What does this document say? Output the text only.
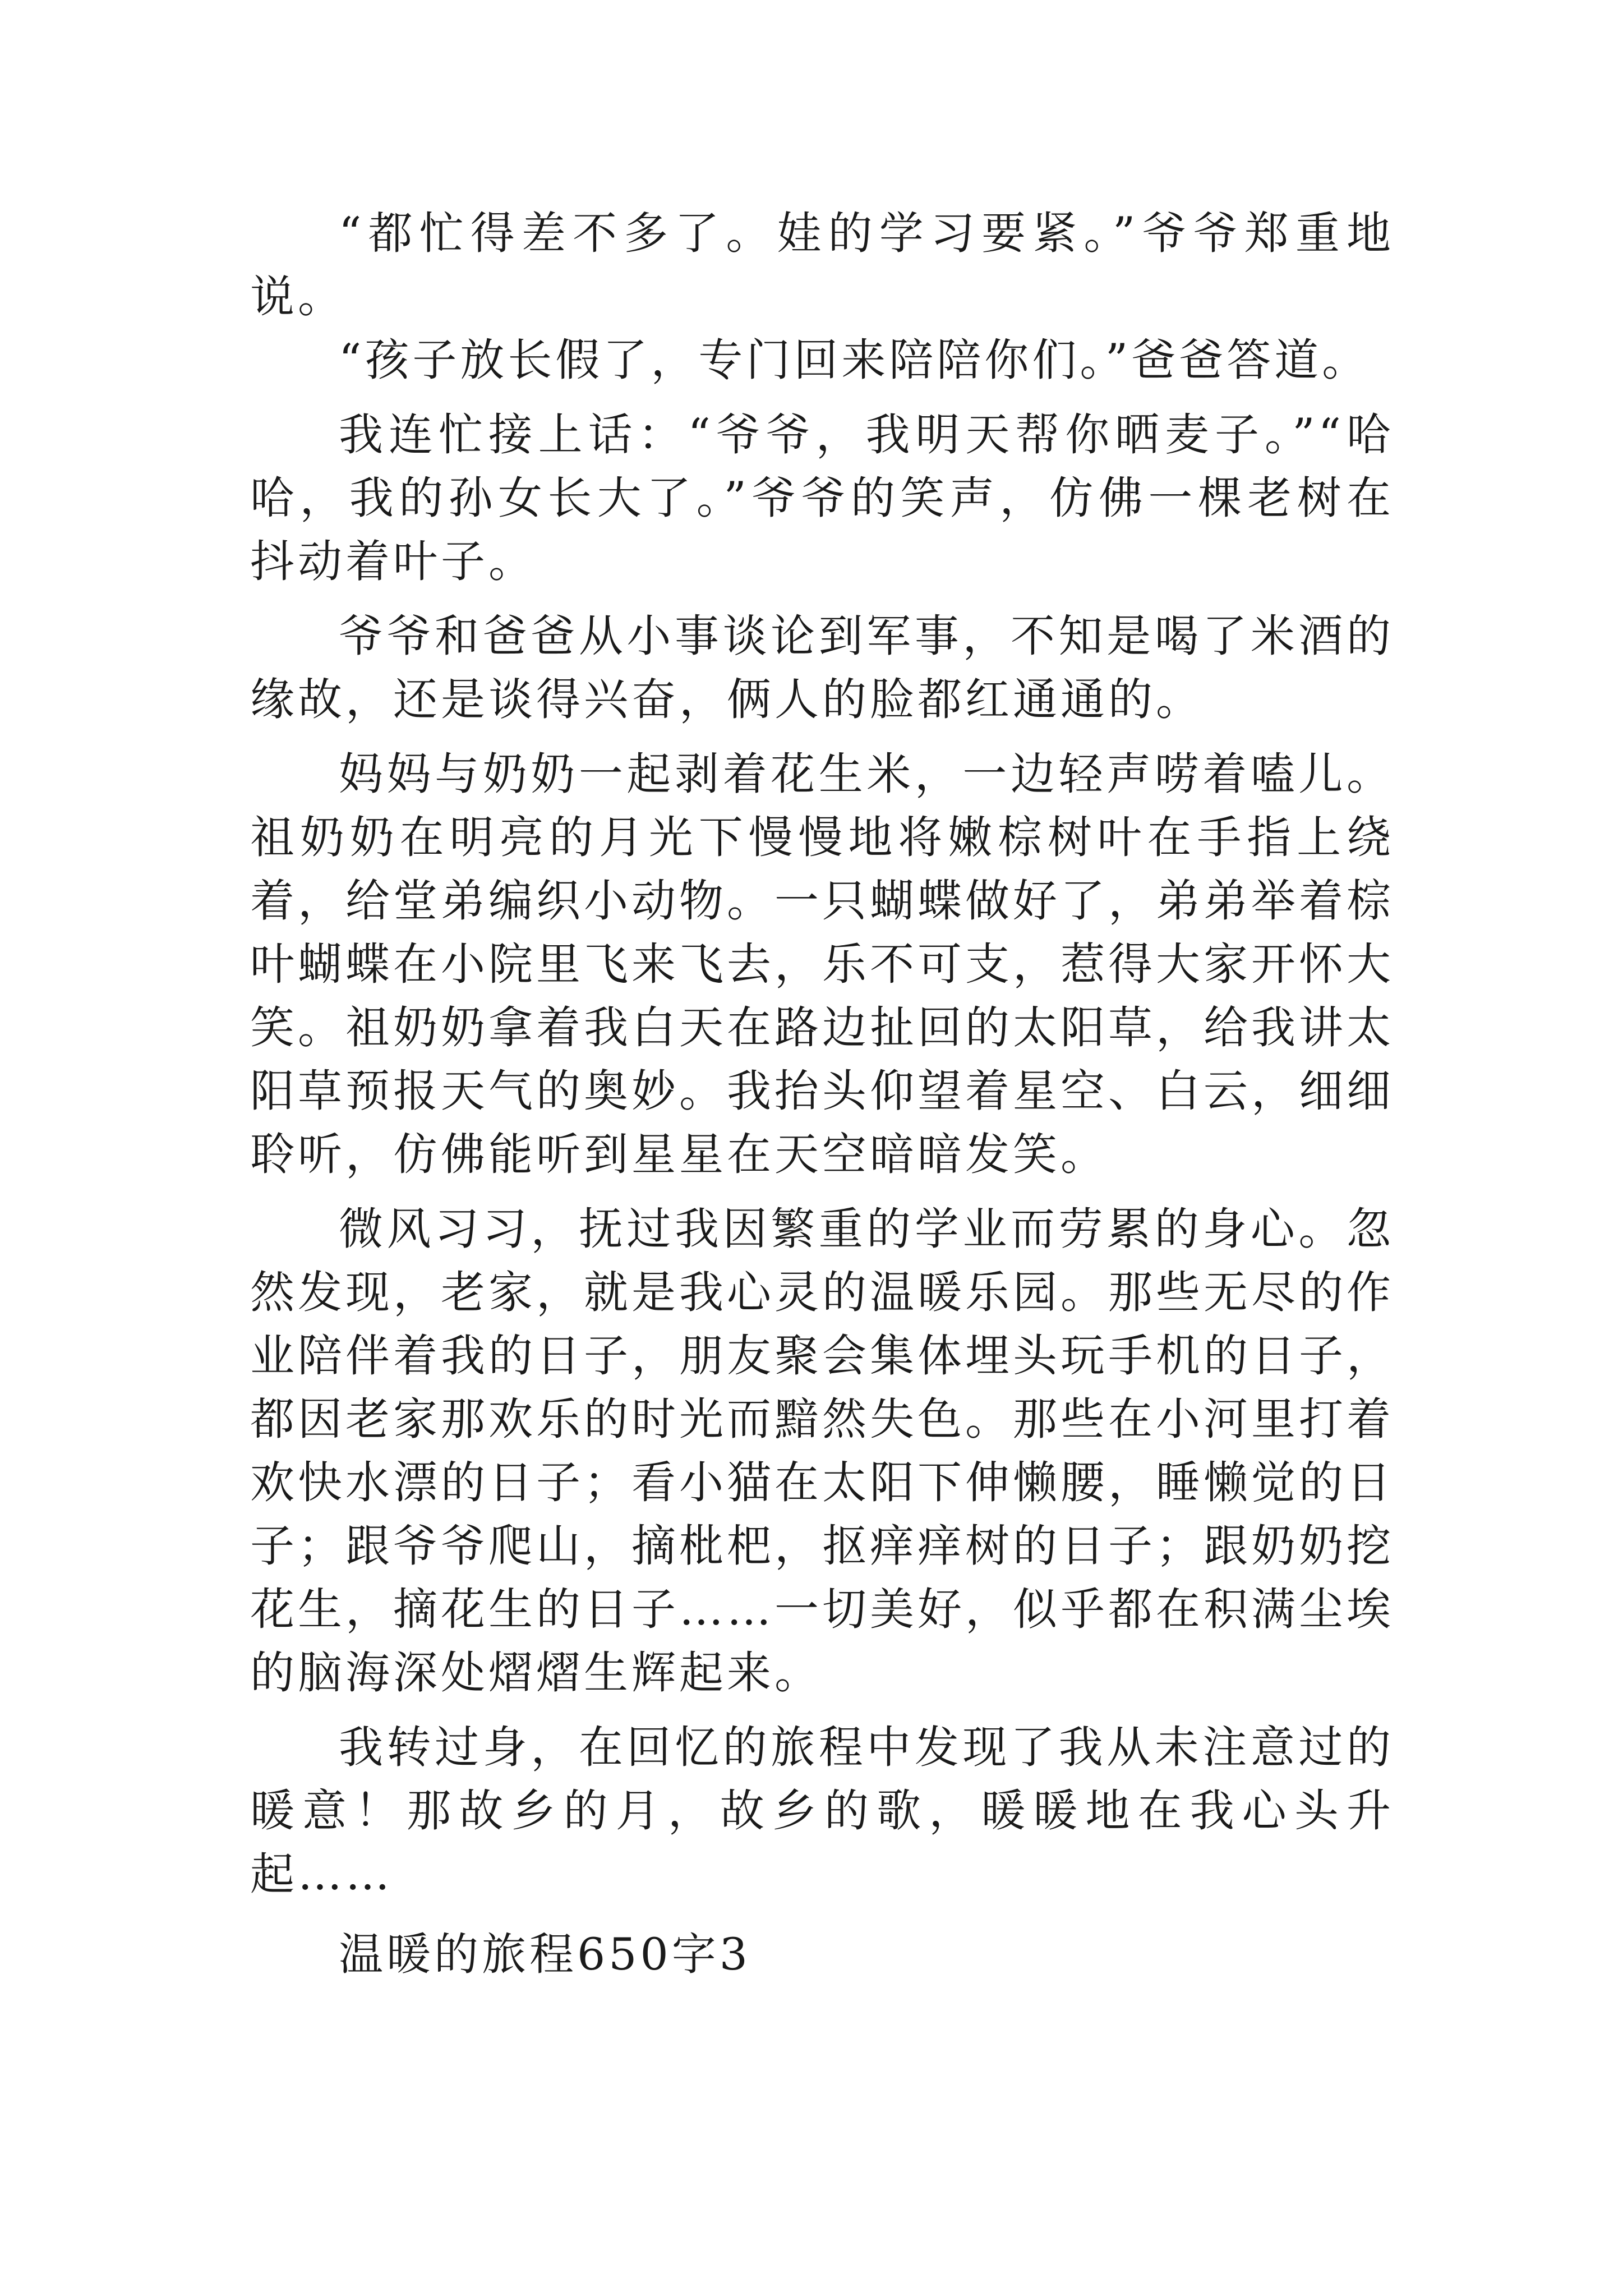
“都忙得差不多了。娃的学习要紧。”爷爷郑重地说。

“孩子放长假了，专门回来陪陪你们。”爸爸答道。

我连忙接上话：“爷爷，我明天帮你晒麦子。”“哈哈，我的孙女长大了。”爷爷的笑声，仿佛一棵老树在抖动着叶子。

爷爷和爸爸从小事谈论到军事，不知是喝了米酒的缘故，还是谈得兴奋，俩人的脸都红通通的。

妈妈与奶奶一起剥着花生米，一边轻声唠着嗑儿。祖奶奶在明亮的月光下慢慢地将嫩棕树叶在手指上绕着，给堂弟编织小动物。一只蝴蝶做好了，弟弟举着棕叶蝴蝶在小院里飞来飞去，乐不可支，惹得大家开怀大笑。祖奶奶拿着我白天在路边扯回的太阳草，给我讲太阳草预报天气的奥妙。我抬头仰望着星空、白云，细细聆听，仿佛能听到星星在天空暗暗发笑。

微风习习，抚过我因繁重的学业而劳累的身心。忽然发现，老家，就是我心灵的温暖乐园。那些无尽的作业陪伴着我的日子，朋友聚会集体埋头玩手机的日子，都因老家那欢乐的时光而黯然失色。那些在小河里打着欢快水漂的日子；看小猫在太阳下伸懒腰，睡懒觉的日子；跟爷爷爬山，摘枇杷，抠痒痒树的日子；跟奶奶挖花生，摘花生的日子……一切美好，似乎都在积满尘埃的脑海深处熠熠生辉起来。

我转过身，在回忆的旅程中发现了我从未注意过的暖意！那故乡的月，故乡的歌，暖暖地在我心头升起……

温暖的旅程650字3
